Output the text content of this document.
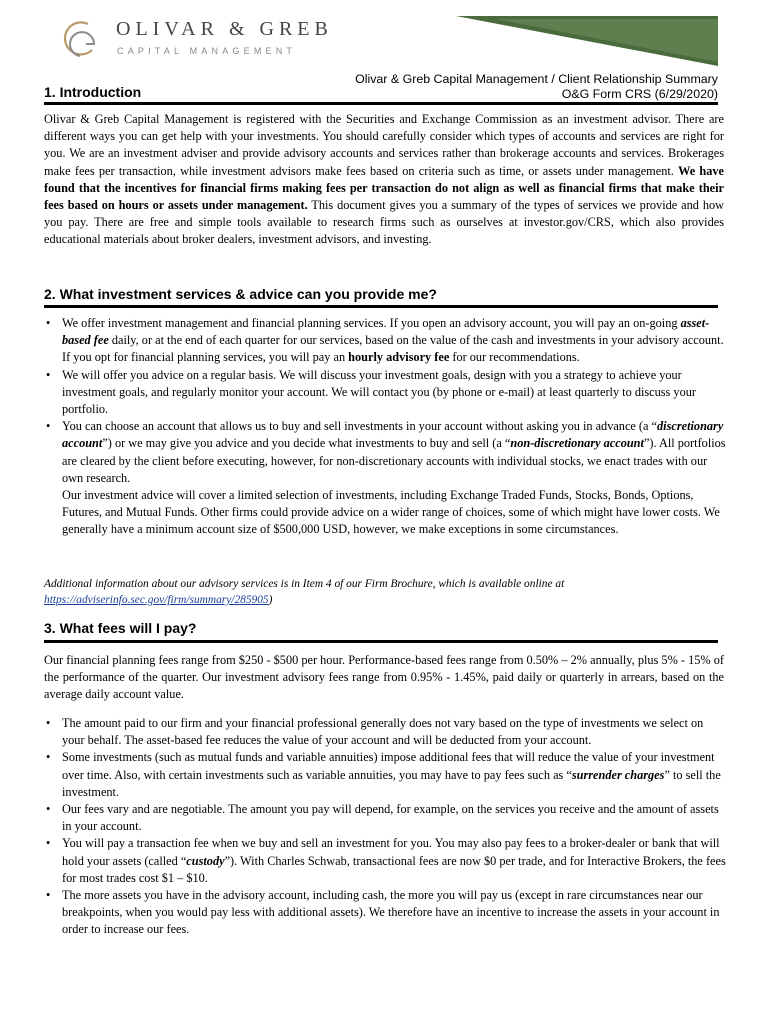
OLIVAR & GREB
CAPITAL MANAGEMENT
Olivar & Greb Capital Management / Client Relationship Summary
O&G Form CRS (6/29/2020)
1. Introduction
Olivar & Greb Capital Management is registered with the Securities and Exchange Commission as an investment advisor. There are different ways you can get help with your investments. You should carefully consider which types of accounts and services are right for you. We are an investment adviser and provide advisory accounts and services rather than brokerage accounts and services. Brokerages make fees per transaction, while investment advisors make fees based on criteria such as time, or assets under management. We have found that the incentives for financial firms making fees per transaction do not align as well as financial firms that make their fees based on hours or assets under management. This document gives you a summary of the types of services we provide and how you pay. There are free and simple tools available to research firms such as ourselves at investor.gov/CRS, which also provides educational materials about broker dealers, investment advisors, and investing.
2. What investment services & advice can you provide me?
• We offer investment management and financial planning services. If you open an advisory account, you will pay an on-going asset-based fee daily, or at the end of each quarter for our services, based on the value of the cash and investments in your advisory account. If you opt for financial planning services, you will pay an hourly advisory fee for our recommendations.
• We will offer you advice on a regular basis. We will discuss your investment goals, design with you a strategy to achieve your investment goals, and regularly monitor your account. We will contact you (by phone or e-mail) at least quarterly to discuss your portfolio.
• You can choose an account that allows us to buy and sell investments in your account without asking you in advance (a “discretionary account”) or we may give you advice and you decide what investments to buy and sell (a “non-discretionary account”). All portfolios are cleared by the client before executing, however, for non-discretionary accounts with individual stocks, we enact trades with our own research.
Our investment advice will cover a limited selection of investments, including Exchange Traded Funds, Stocks, Bonds, Options, Futures, and Mutual Funds. Other firms could provide advice on a wider range of choices, some of which might have lower costs. We generally have a minimum account size of $500,000 USD, however, we make exceptions in some circumstances.
Additional information about our advisory services is in Item 4 of our Firm Brochure, which is available online at https://adviserinfo.sec.gov/firm/summary/285905)
3. What fees will I pay?
Our financial planning fees range from $250 - $500 per hour. Performance-based fees range from 0.50% – 2% annually, plus 5% - 15% of the performance of the quarter. Our investment advisory fees range from 0.95% - 1.45%, paid daily or quarterly in arrears, based on the average daily account value.
• The amount paid to our firm and your financial professional generally does not vary based on the type of investments we select on your behalf. The asset-based fee reduces the value of your account and will be deducted from your account.
• Some investments (such as mutual funds and variable annuities) impose additional fees that will reduce the value of your investment over time. Also, with certain investments such as variable annuities, you may have to pay fees such as “surrender charges” to sell the investment.
• Our fees vary and are negotiable. The amount you pay will depend, for example, on the services you receive and the amount of assets in your account.
• You will pay a transaction fee when we buy and sell an investment for you. You may also pay fees to a broker-dealer or bank that will hold your assets (called “custody”). With Charles Schwab, transactional fees are now $0 per trade, and for Interactive Brokers, the fees for most trades cost $1 – $10.
• The more assets you have in the advisory account, including cash, the more you will pay us (except in rare circumstances near our breakpoints, when you would pay less with additional assets). We therefore have an incentive to increase the assets in your account in order to increase our fees.
